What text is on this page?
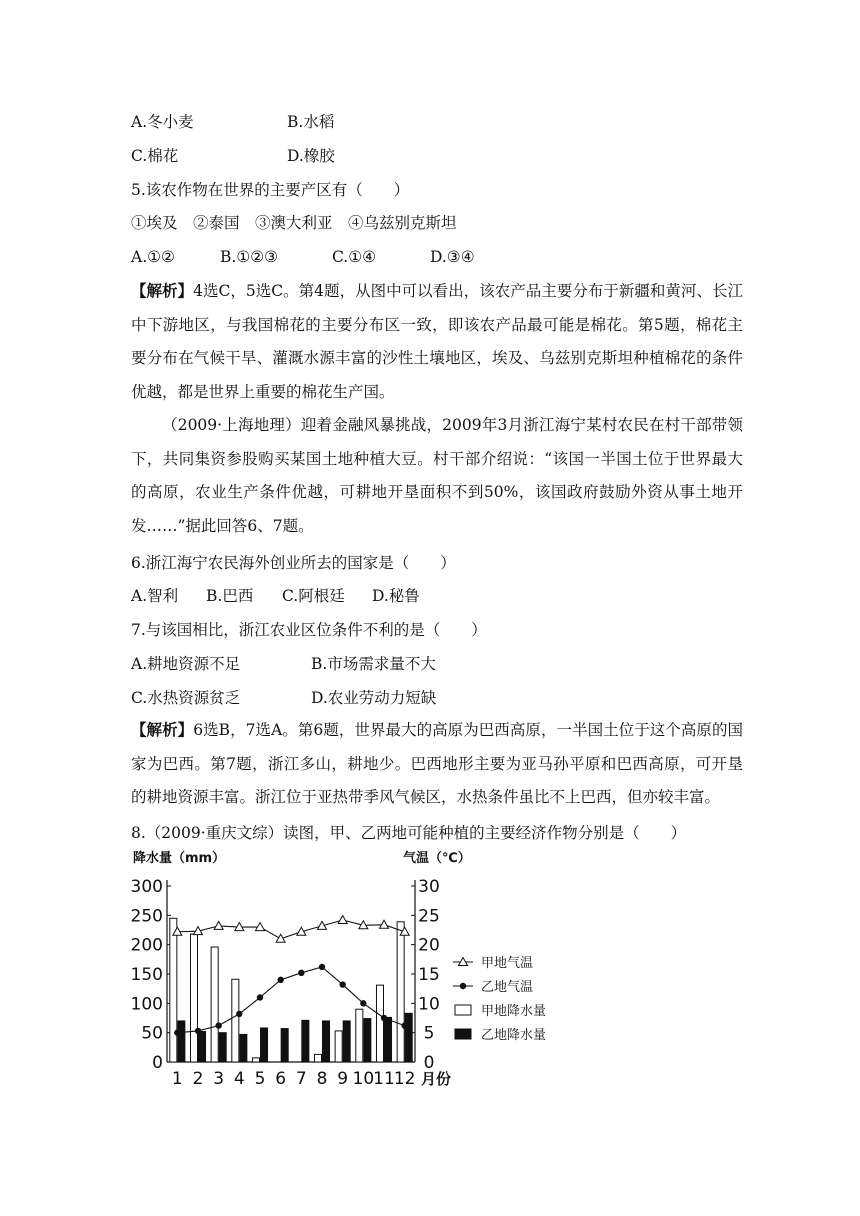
A.冬小麦	B.水稻
C.棉花	D.橡胶
5.该农作物在世界的主要产区有（　　）
①埃及　②泰国　③澳大利亚　④乌兹别克斯坦
A.①②	B.①②③	C.①④	D.③④
【解析】4选C，5选C。第4题，从图中可以看出，该农产品主要分布于新疆和黄河、长江中下游地区，与我国棉花的主要分布区一致，即该农产品最可能是棉花。第5题，棉花主要分布在气候干旱、灌溉水源丰富的沙性土壤地区，埃及、乌兹别克斯坦种植棉花的条件优越，都是世界上重要的棉花生产国。
（2009·上海地理）迎着金融风暴挑战，2009年3月浙江海宁某村农民在村干部带领下，共同集资参股购买某国土地种植大豆。村干部介绍说：“该国一半国土位于世界最大的高原，农业生产条件优越，可耕地开垦面积不到50%，该国政府鼓励外资从事土地开发……”据此回答6、7题。
6.浙江海宁农民海外创业所去的国家是（　　）
A.智利 B.巴西 C.阿根廷 D.秘鲁
7.与该国相比，浙江农业区位条件不利的是（　　）
A.耕地资源不足	B.市场需求量不大
C.水热资源贫乏	D.农业劳动力短缺
【解析】6选B，7选A。第6题，世界最大的高原为巴西高原，一半国土位于这个高原的国家为巴西。第7题，浙江多山，耕地少。巴西地形主要为亚马孙平原和巴西高原，可开垦的耕地资源丰富。浙江位于亚热带季风气候区，水热条件虽比不上巴西，但亦较丰富。
8.（2009·重庆文综）读图，甲、乙两地可能种植的主要经济作物分别是（　　）
降水量（mm）	气温（℃）
0
50
100
150
200
250
300
0
5
10
15
20
25
30
1 2 3 4 5 6 7 8 9 10 11 12 月份
甲地气温
乙地气温
甲地降水量
乙地降水量
